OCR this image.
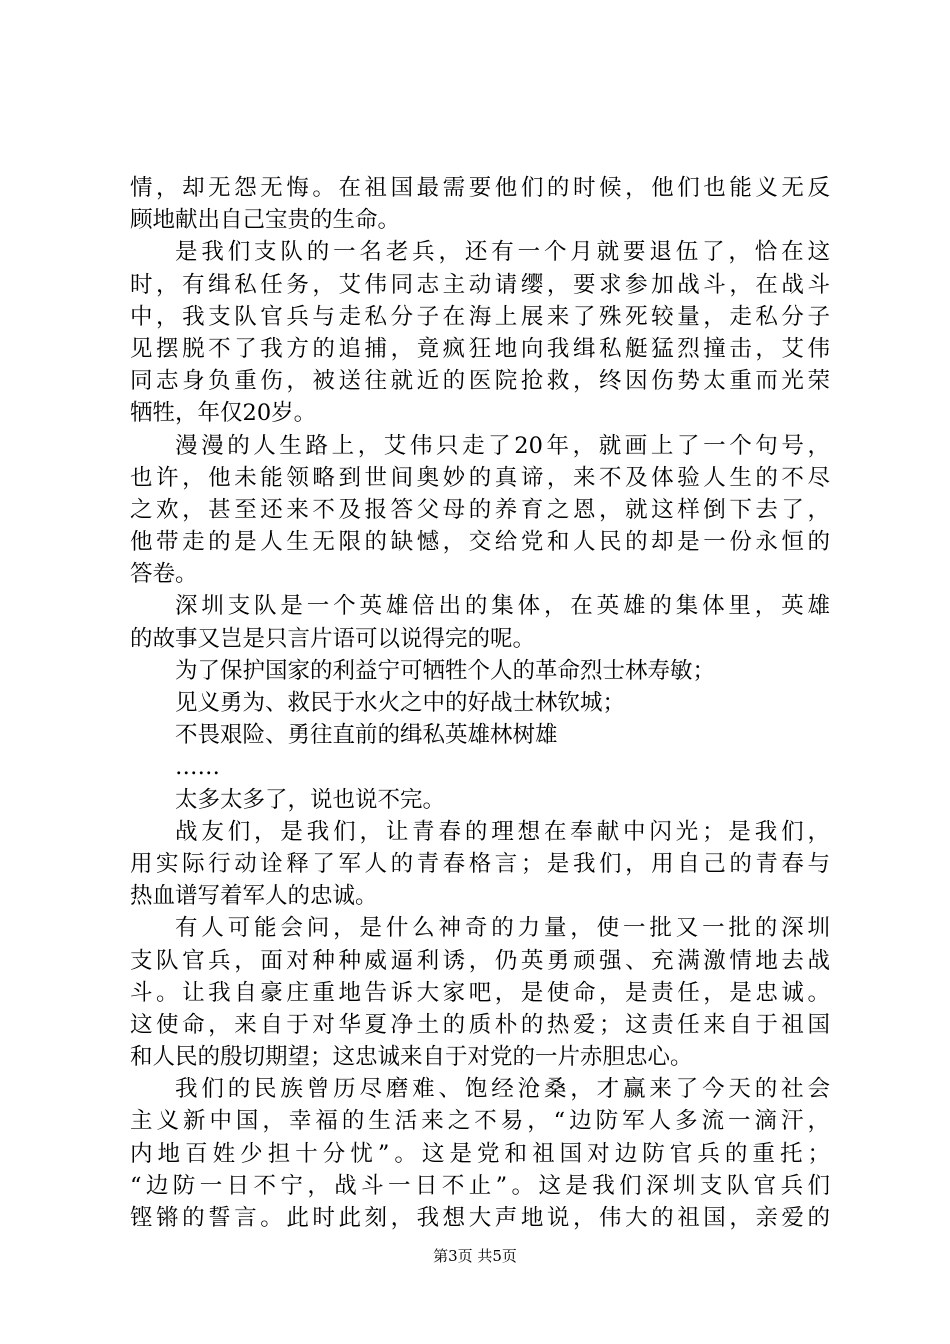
情，却无怨无悔。在祖国最需要他们的时候，他们也能义无反
顾地献出自己宝贵的生命。
是我们支队的一名老兵，还有一个月就要退伍了，恰在这
时，有缉私任务，艾伟同志主动请缨，要求参加战斗，在战斗
中，我支队官兵与走私分子在海上展来了殊死较量，走私分子
见摆脱不了我方的追捕，竟疯狂地向我缉私艇猛烈撞击，艾伟
同志身负重伤，被送往就近的医院抢救，终因伤势太重而光荣
牺牲，年仅20岁。
漫漫的人生路上，艾伟只走了20年，就画上了一个句号，
也许，他未能领略到世间奥妙的真谛，来不及体验人生的不尽
之欢，甚至还来不及报答父母的养育之恩，就这样倒下去了，
他带走的是人生无限的缺憾，交给党和人民的却是一份永恒的
答卷。
深圳支队是一个英雄倍出的集体，在英雄的集体里，英雄
的故事又岂是只言片语可以说得完的呢。
为了保护国家的利益宁可牺牲个人的革命烈士林寿敏；
见义勇为、救民于水火之中的好战士林钦城；
不畏艰险、勇往直前的缉私英雄林树雄
……
太多太多了，说也说不完。
战友们，是我们，让青春的理想在奉献中闪光；是我们，
用实际行动诠释了军人的青春格言；是我们，用自己的青春与
热血谱写着军人的忠诚。
有人可能会问，是什么神奇的力量，使一批又一批的深圳
支队官兵，面对种种威逼利诱，仍英勇顽强、充满激情地去战
斗。让我自豪庄重地告诉大家吧，是使命，是责任，是忠诚。
这使命，来自于对华夏净土的质朴的热爱；这责任来自于祖国
和人民的殷切期望；这忠诚来自于对党的一片赤胆忠心。
我们的民族曾历尽磨难、饱经沧桑，才赢来了今天的社会
主义新中国，幸福的生活来之不易，“边防军人多流一滴汗，
内地百姓少担十分忧”。这是党和祖国对边防官兵的重托；
“边防一日不宁，战斗一日不止”。这是我们深圳支队官兵们
铿锵的誓言。此时此刻，我想大声地说，伟大的祖国，亲爱的
第3页 共5页
